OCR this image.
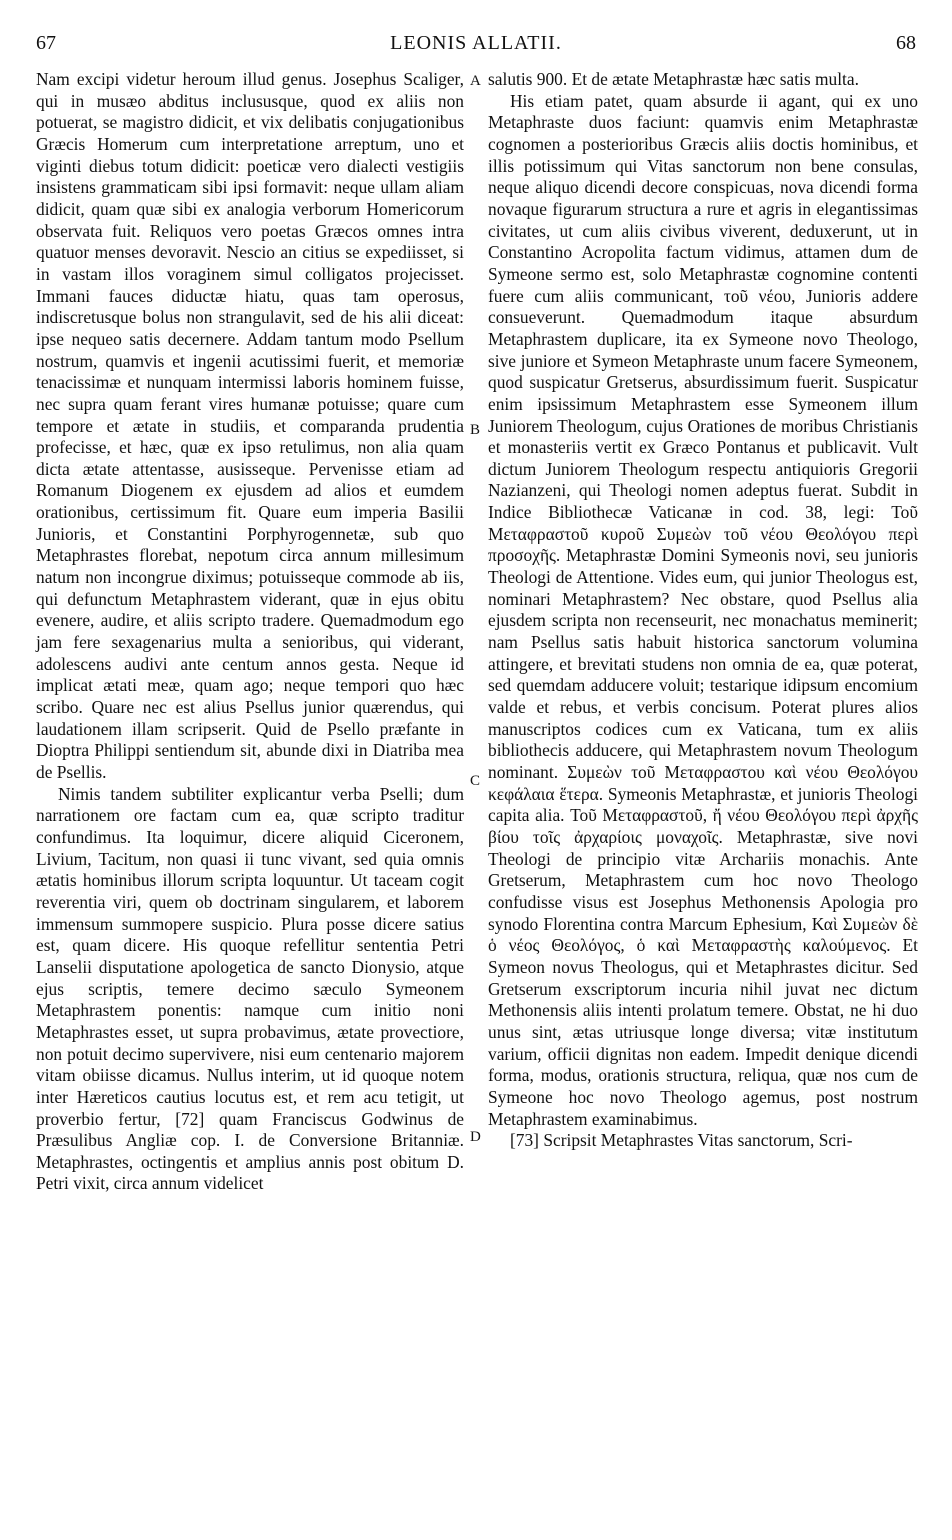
67	LEONIS ALLATII.	68

Nam excipi videtur heroum illud genus. Josephus Scaliger, qui in musæo abditus inclususque, quod ex aliis non potuerat, se magistro didicit, et vix delibatis conjugationibus Græcis Homerum cum interpretatione arreptum, uno et viginti diebus totum didicit: poeticæ vero dialecti vestigiis insistens grammaticam sibi ipsi formavit: neque ullam aliam didicit, quam quæ sibi ex analogia verborum Homericorum observata fuit. Reliquos vero poetas Græcos omnes intra quatuor menses devoravit. Nescio an citius se expediisset, si in vastam illos voraginem simul colligatos projecisset. Immani fauces diductæ hiatu, quas tam operosus, indiscretusque bolus non strangulavit, sed de his alii diceat: ipse nequeo satis decernere. Addam tantum modo Psellum nostrum, quamvis et ingenii acutissimi fuerit, et memoriæ tenacissimæ et nunquam intermissi laboris hominem fuisse, nec supra quam ferant vires humanæ potuisse; quare cum tempore et ætate in studiis, et comparanda prudentia profecisse, et hæc, quæ ex ipso retulimus, non alia quam dicta ætate attentasse, ausisseque. Pervenisse etiam ad Romanum Diogenem ex ejusdem ad alios et eumdem orationibus, certissimum fit. Quare eum imperia Basilii Junioris, et Constantini Porphyrogennetæ, sub quo Metaphrastes florebat, nepotum circa annum millesimum natum non incongrue diximus; potuisseque commode ab iis, qui defunctum Metaphrastem viderant, quæ in ejus obitu evenere, audire, et aliis scripto tradere. Quemadmodum ego jam fere sexagenarius multa a senioribus, qui viderant, adolescens audivi ante centum annos gesta. Neque id implicat ætati meæ, quam ago; neque tempori quo hæc scribo. Quare nec est alius Psellus junior quærendus, qui laudationem illam scripserit. Quid de Psello præfante in Dioptra Philippi sentiendum sit, abunde dixi in Diatriba mea de Psellis.

Nimis tandem subtiliter explicantur verba Pselli; dum narrationem ore factam cum ea, quæ scripto traditur confundimus. Ita loquimur, dicere aliquid Ciceronem, Livium, Tacitum, non quasi ii tunc vivant, sed quia omnis ætatis hominibus illorum scripta loquuntur. Ut taceam cogit reverentia viri, quem ob doctrinam singularem, et laborem immensum summopere suspicio. Plura posse dicere satius est, quam dicere. His quoque refellitur sententia Petri Lanselii disputatione apologetica de sancto Dionysio, atque ejus scriptis, temere decimo sæculo Symeonem Metaphrastem ponentis: namque cum initio noni Metaphrastes esset, ut supra probavimus, ætate provectiore, non potuit decimo supervivere, nisi eum centenario majorem vitam obiisse dicamus. Nullus interim, ut id quoque notem inter Hæreticos cautius locutus est, et rem acu tetigit, ut proverbio fertur, [72] quam Franciscus Godwinus de Præsulibus Angliæ cop. I. de Conversione Britanniæ. Metaphrastes, octingentis et amplius annis post obitum D. Petri vixit, circa annum videlicet

salutis 900. Et de ætate Metaphrastæ hæc satis multa.

His etiam patet, quam absurde ii agant, qui ex uno Metaphraste duos faciunt: quamvis enim Metaphrastæ cognomen a posterioribus Græcis aliis doctis hominibus, et illis potissimum qui Vitas sanctorum non bene consulas, neque aliquo dicendi decore conspicuas, nova dicendi forma novaque figurarum structura a rure et agris in elegantissimas civitates, ut cum aliis civibus viverent, deduxerunt, ut in Constantino Acropolita factum vidimus, attamen dum de Symeone sermo est, solo Metaphrastæ cognomine contenti fuere cum aliis communicant, τοῦ νέου, Junioris addere consueverunt. Quemadmodum itaque absurdum Metaphrastem duplicare, ita ex Symeone novo Theologo, sive juniore et Symeon Metaphraste unum facere Symeonem, quod suspicatur Gretserus, absurdissimum fuerit. Suspicatur enim ipsissimum Metaphrastem esse Symeonem illum Juniorem Theologum, cujus Orationes de moribus Christianis et monasteriis vertit ex Græco Pontanus et publicavit. Vult dictum Juniorem Theologum respectu antiquioris Gregorii Nazianzeni, qui Theologi nomen adeptus fuerat. Subdit in Indice Bibliothecæ Vaticanæ in cod. 38, legi: Τοῦ Μεταφραστοῦ κυροῦ Συμεὼν τοῦ νέου Θεολόγου περὶ προσοχῆς. Metaphrastæ Domini Symeonis novi, seu junioris Theologi de Attentione. Vides eum, qui junior Theologus est, nominari Metaphrastem? Nec obstare, quod Psellus alia ejusdem scripta non recenseurit, nec monachatus meminerit; nam Psellus satis habuit historica sanctorum volumina attingere, et brevitati studens non omnia de ea, quæ poterat, sed quemdam adducere voluit; testarique idipsum encomium valde et rebus, et verbis concisum. Poterat plures alios manuscriptos codices cum ex Vaticana, tum ex aliis bibliothecis adducere, qui Metaphrastem novum Theologum nominant. Συμεὼν τοῦ Μεταφραστου καὶ νέου Θεολόγου κεφάλαια ἕτερα. Symeonis Metaphrastæ, et junioris Theologi capita alia. Τοῦ Μεταφραστοῦ, ἤ νέου Θεολόγου περὶ ἀρχῆς βίου τοῖς ἀρχαρίοις μοναχοῖς. Metaphrastæ, sive novi Theologi de principio vitæ Archariis monachis. Ante Gretserum, Metaphrastem cum hoc novo Theologo confudisse visus est Josephus Methonensis Apologia pro synodo Florentina contra Marcum Ephesium, Καὶ Συμεὼν δὲ ὁ νέος Θεολόγος, ὁ καὶ Μεταφραστὴς καλούμενος. Et Symeon novus Theologus, qui et Metaphrastes dicitur. Sed Gretserum exscriptorum incuria nihil juvat nec dictum Methonensis aliis intenti prolatum temere. Obstat, ne hi duo unus sint, ætas utriusque longe diversa; vitæ institutum varium, officii dignitas non eadem. Impedit denique dicendi forma, modus, orationis structura, reliqua, quæ nos cum de Symeone hoc novo Theologo agemus, post nostrum Metaphrastem examinabimus.

[73] Scripsit Metaphrastes Vitas sanctorum, Scri-

A
B
C
D
